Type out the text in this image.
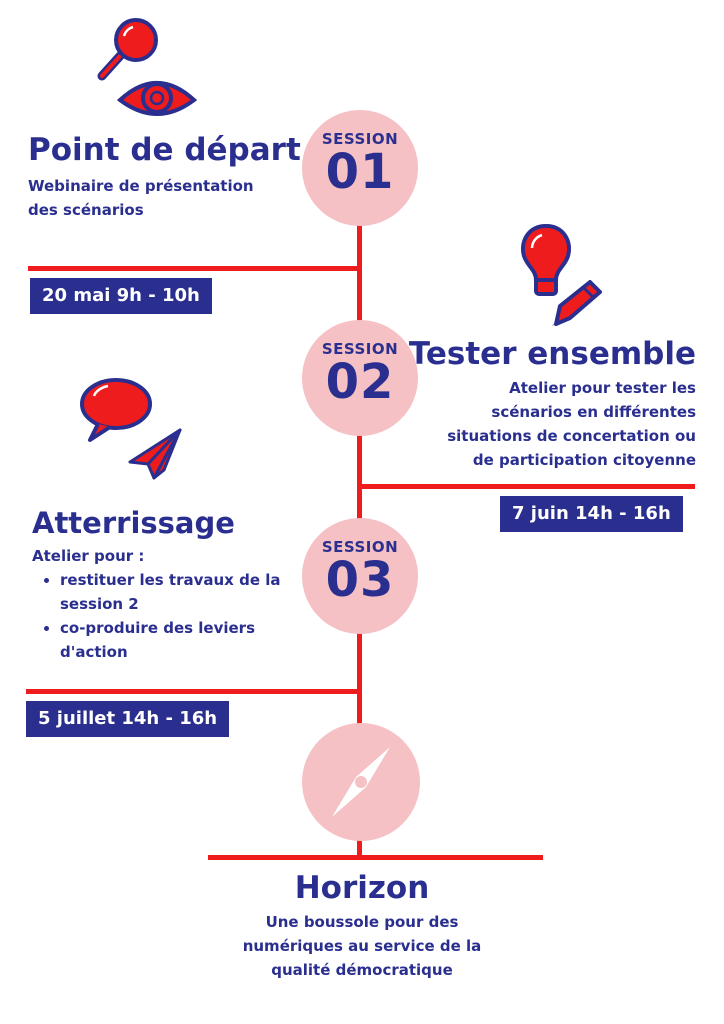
SESSION
01
SESSION
02
SESSION
03
Point de départ
Webinaire de présentation
des scénarios
20 mai 9h - 10h
Tester ensemble
Atelier pour tester les
scénarios en différentes
situations de concertation ou
de participation citoyenne
7 juin 14h - 16h
Atterrissage
Atelier pour :
• restituer les travaux de la
session 2
• co-produire des leviers
d'action
5 juillet 14h - 16h
Horizon
Une boussole pour des
numériques au service de la
qualité démocratique
